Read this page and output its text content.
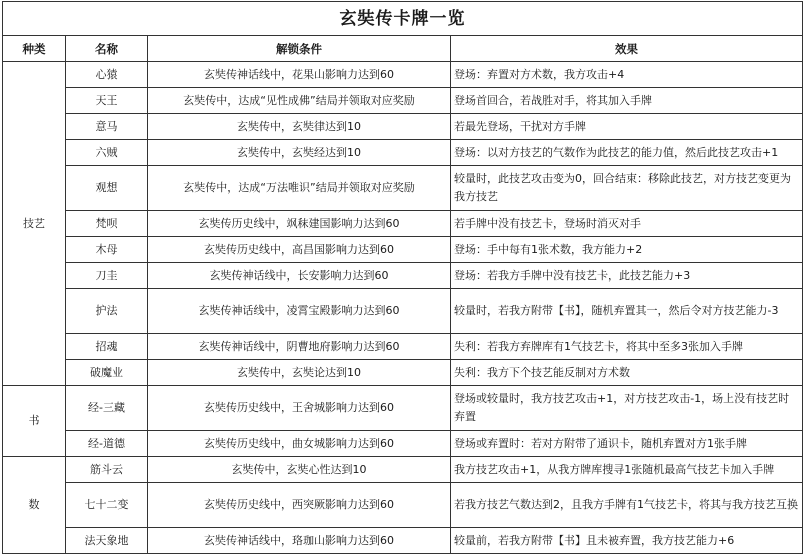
玄奘传卡牌一览			
种类	名称	解锁条件	效果
技艺	心猿	玄奘传神话线中，花果山影响力达到60	登场：弃置对方术数，我方攻击+4
	天王	玄奘传中，达成“见性成佛”结局并领取对应奖励	登场首回合，若战胜对手，将其加入手牌
	意马	玄奘传中，玄奘律达到10	若最先登场，干扰对方手牌
	六贼	玄奘传中，玄奘经达到10	登场：以对方技艺的气数作为此技艺的能力值，然后此技艺攻击+1
	观想	玄奘传中，达成“万法唯识”结局并领取对应奖励	较量时，此技艺攻击变为0，回合结束：移除此技艺，对方技艺变更为我方技艺
	梵呗	玄奘传历史线中，飒秣建国影响力达到60	若手牌中没有技艺卡，登场时消灭对手
	木母	玄奘传历史线中，高昌国影响力达到60	登场：手中每有1张术数，我方能力+2
	刀圭	玄奘传神话线中，长安影响力达到60	登场：若我方手牌中没有技艺卡，此技艺能力+3
	护法	玄奘传神话线中，凌霄宝殿影响力达到60	较量时，若我方附带【书】，随机弃置其一，然后令对方技艺能力-3
	招魂	玄奘传神话线中，阴曹地府影响力达到60	失利：若我方弃牌库有1气技艺卡，将其中至多3张加入手牌
	破魔业	玄奘传中，玄奘论达到10	失利：我方下个技艺能反制对方术数
书	经-三藏	玄奘传历史线中，王舍城影响力达到60	登场或较量时，我方技艺攻击+1，对方技艺攻击-1，场上没有技艺时弃置
	经-道德	玄奘传历史线中，曲女城影响力达到60	登场或弃置时：若对方附带了通识卡，随机弃置对方1张手牌
数	筋斗云	玄奘传中，玄奘心性达到10	我方技艺攻击+1，从我方牌库搜寻1张随机最高气技艺卡加入手牌
	七十二变	玄奘传历史线中，西突厥影响力达到60	若我方技艺气数达到2，且我方手牌有1气技艺卡，将其与我方技艺互换
	法天象地	玄奘传神话线中，珞珈山影响力达到60	较量前，若我方附带【书】且未被弃置，我方技艺能力+6
